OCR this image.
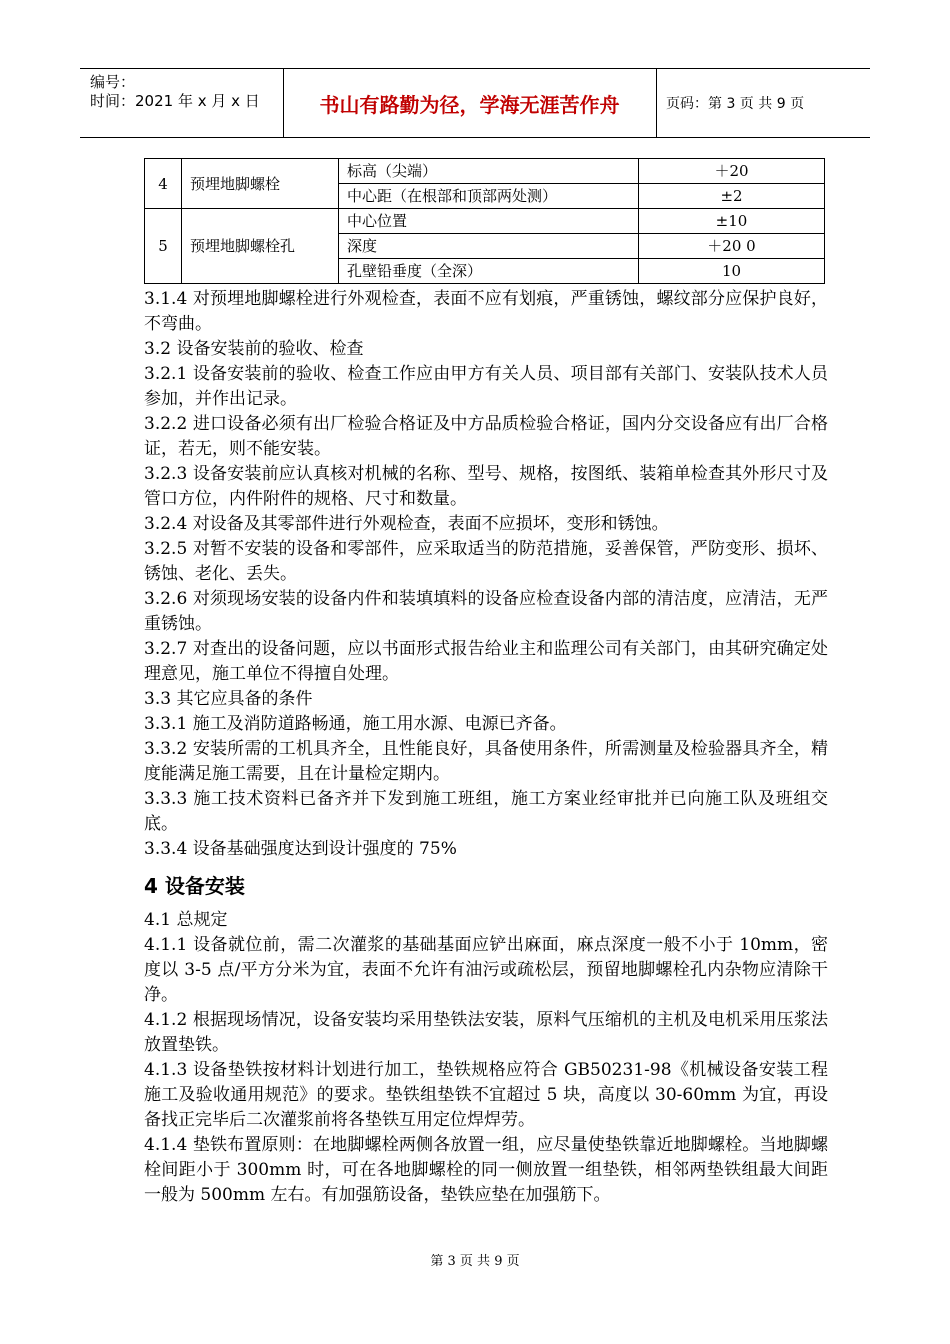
编号：
时间：2021 年 x 月 x 日	书山有路勤为径，学海无涯苦作舟	页码：第 3 页 共 9 页
4	预埋地脚螺栓	标高（尖端）	＋20
		中心距（在根部和顶部两处测）	±2
5	预埋地脚螺栓孔	中心位置	±10
		深度	＋20 0
		孔壁铅垂度（全深）	10

3.1.4 对预埋地脚螺栓进行外观检查，表面不应有划痕，严重锈蚀，螺纹部分应保护良好，不弯曲。

3.2 设备安装前的验收、检查

3.2.1 设备安装前的验收、检查工作应由甲方有关人员、项目部有关部门、安装队技术人员参加，并作出记录。

3.2.2 进口设备必须有出厂检验合格证及中方品质检验合格证，国内分交设备应有出厂合格证，若无，则不能安装。

3.2.3 设备安装前应认真核对机械的名称、型号、规格，按图纸、装箱单检查其外形尺寸及管口方位，内件附件的规格、尺寸和数量。

3.2.4 对设备及其零部件进行外观检查，表面不应损坏，变形和锈蚀。

3.2.5 对暂不安装的设备和零部件，应采取适当的防范措施，妥善保管，严防变形、损坏、锈蚀、老化、丢失。

3.2.6 对须现场安装的设备内件和装填填料的设备应检查设备内部的清洁度，应清洁，无严重锈蚀。

3.2.7 对查出的设备问题，应以书面形式报告给业主和监理公司有关部门，由其研究确定处理意见，施工单位不得擅自处理。

3.3 其它应具备的条件

3.3.1 施工及消防道路畅通，施工用水源、电源已齐备。

3.3.2 安装所需的工机具齐全，且性能良好，具备使用条件，所需测量及检验器具齐全，精度能满足施工需要，且在计量检定期内。

3.3.3 施工技术资料已备齐并下发到施工班组，施工方案业经审批并已向施工队及班组交底。

3.3.4 设备基础强度达到设计强度的 75%

4 设备安装

4.1 总规定

4.1.1 设备就位前，需二次灌浆的基础基面应铲出麻面，麻点深度一般不小于 10mm，密度以 3-5 点/平方分米为宜，表面不允许有油污或疏松层，预留地脚螺栓孔内杂物应清除干净。

4.1.2 根据现场情况，设备安装均采用垫铁法安装，原料气压缩机的主机及电机采用压浆法放置垫铁。

4.1.3 设备垫铁按材料计划进行加工，垫铁规格应符合 GB50231-98《机械设备安装工程施工及验收通用规范》的要求。垫铁组垫铁不宜超过 5 块，高度以 30-60mm 为宜，再设备找正完毕后二次灌浆前将各垫铁互用定位焊焊劳。

4.1.4 垫铁布置原则：在地脚螺栓两侧各放置一组，应尽量使垫铁靠近地脚螺栓。当地脚螺栓间距小于 300mm 时，可在各地脚螺栓的同一侧放置一组垫铁，相邻两垫铁组最大间距一般为 500mm 左右。有加强筋设备，垫铁应垫在加强筋下。

第 3 页 共 9 页
